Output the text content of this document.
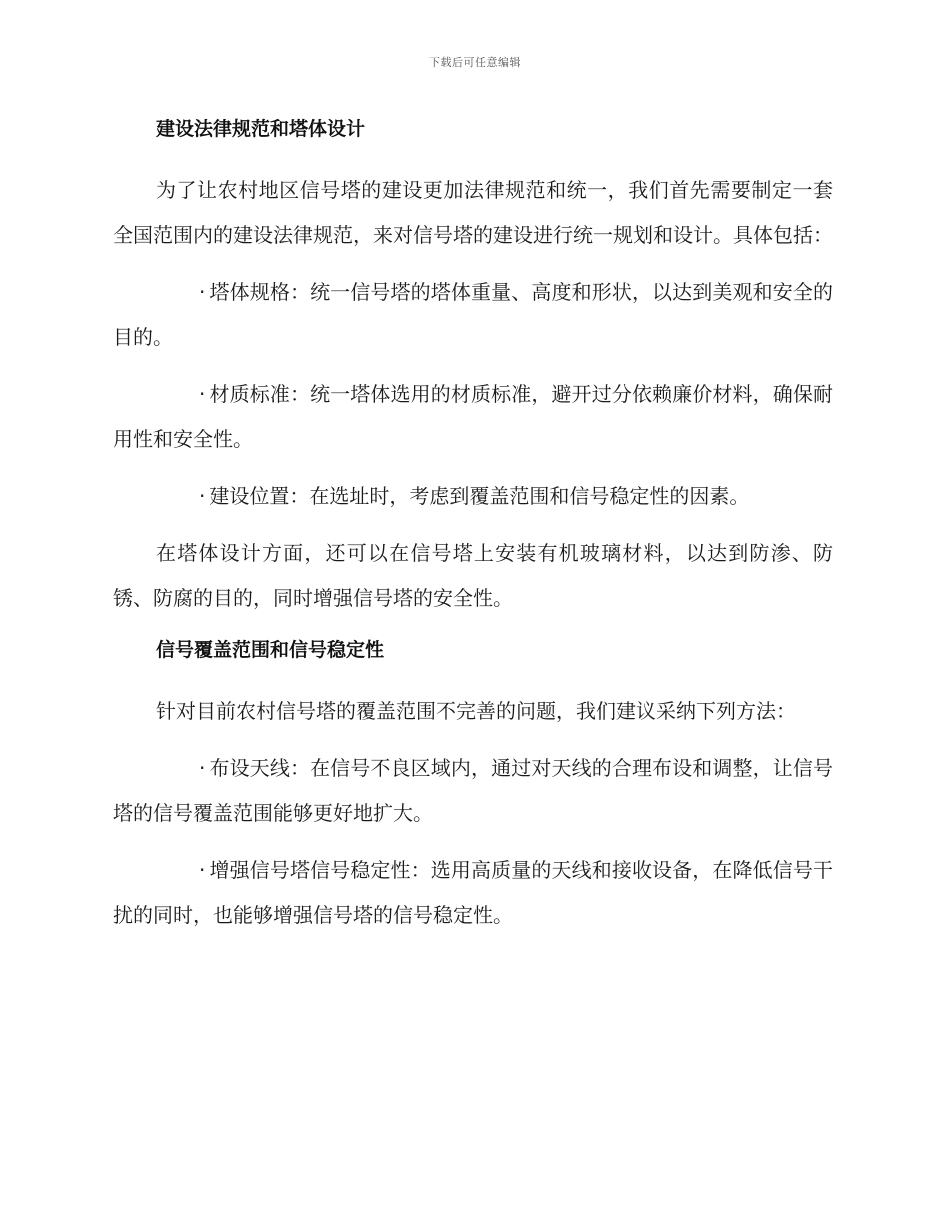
下载后可任意编辑
建设法律规范和塔体设计

为了让农村地区信号塔的建设更加法律规范和统一，我们首先需要制定一套全国范围内的建设法律规范，来对信号塔的建设进行统一规划和设计。具体包括：

· 塔体规格：统一信号塔的塔体重量、高度和形状，以达到美观和安全的目的。

· 材质标准：统一塔体选用的材质标准，避开过分依赖廉价材料，确保耐用性和安全性。

· 建设位置：在选址时，考虑到覆盖范围和信号稳定性的因素。

在塔体设计方面，还可以在信号塔上安装有机玻璃材料，以达到防渗、防锈、防腐的目的，同时增强信号塔的安全性。

信号覆盖范围和信号稳定性

针对目前农村信号塔的覆盖范围不完善的问题，我们建议采纳下列方法：

· 布设天线：在信号不良区域内，通过对天线的合理布设和调整，让信号塔的信号覆盖范围能够更好地扩大。

· 增强信号塔信号稳定性：选用高质量的天线和接收设备，在降低信号干扰的同时，也能够增强信号塔的信号稳定性。
